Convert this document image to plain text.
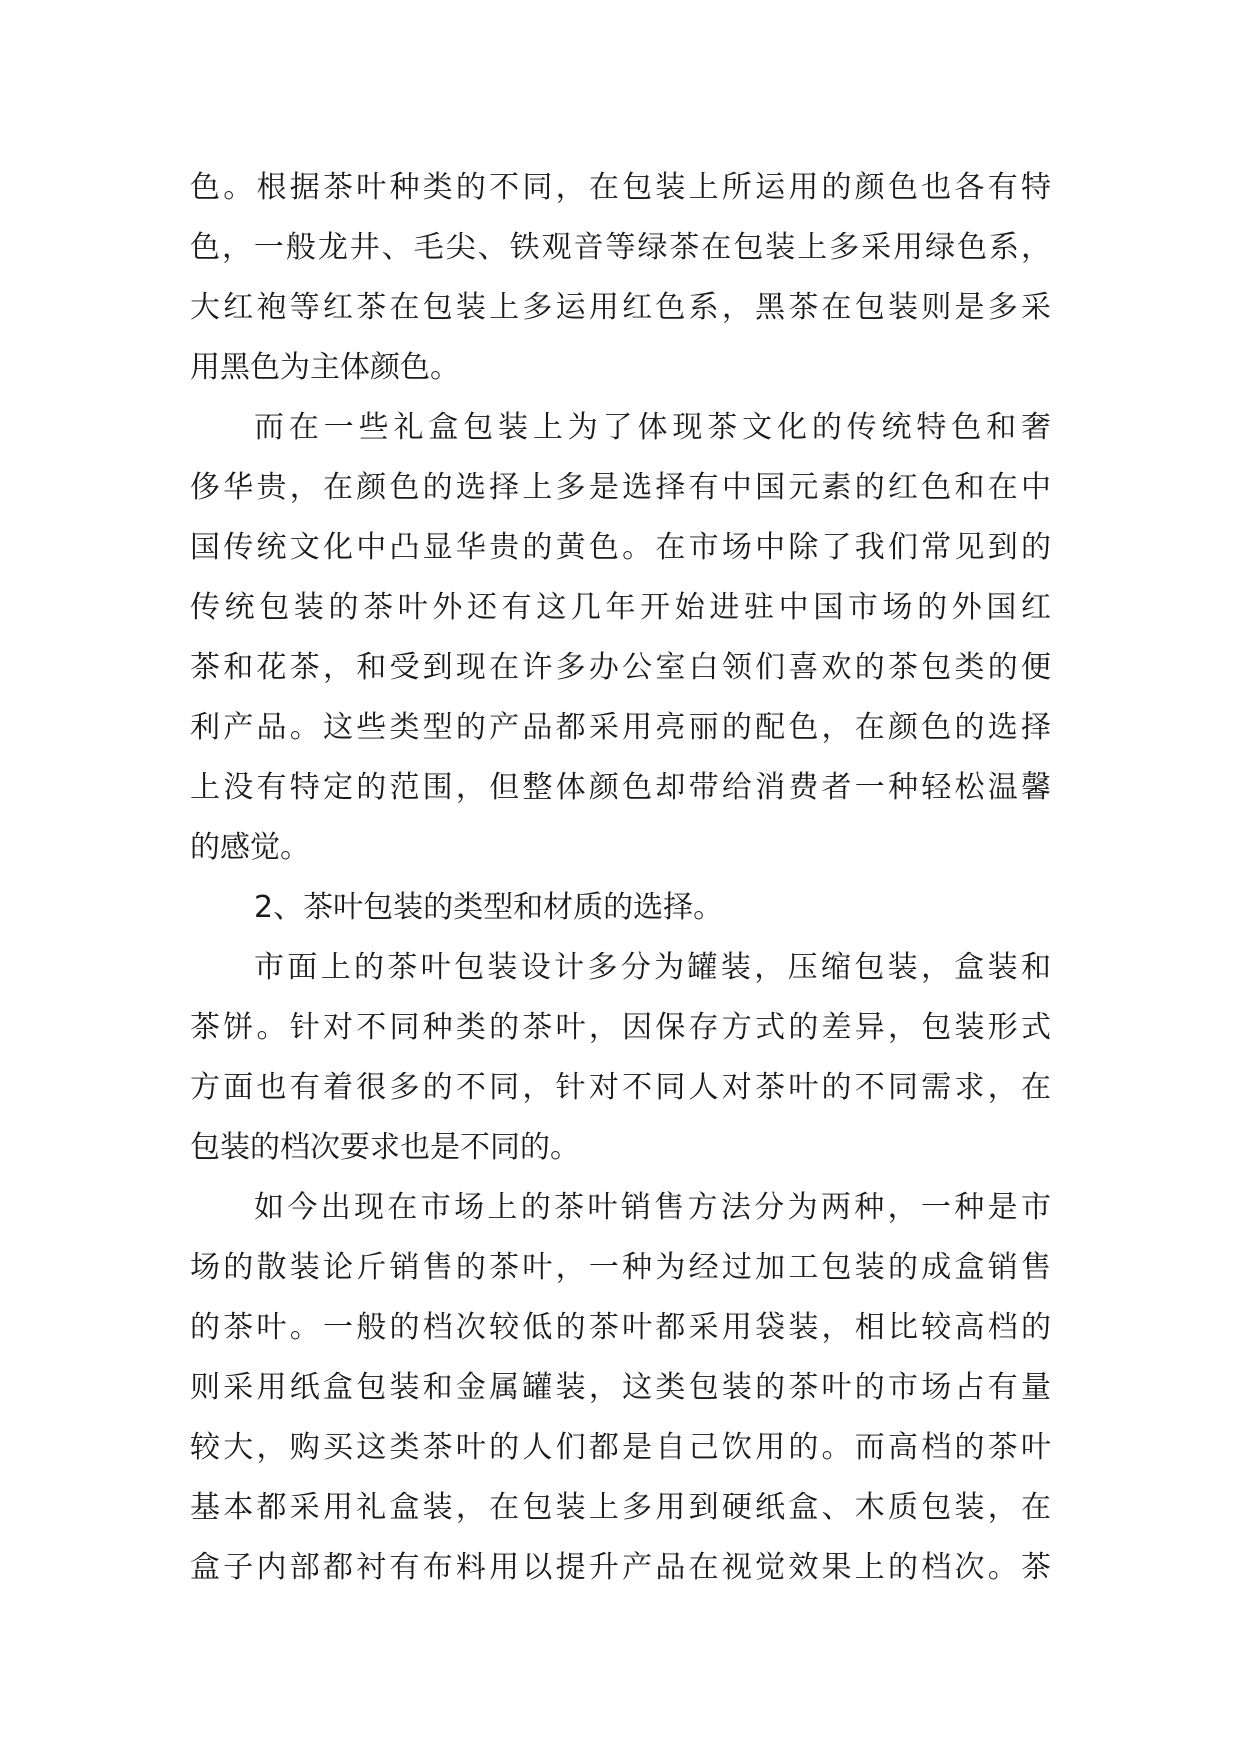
色。根据茶叶种类的不同，在包装上所运用的颜色也各有特
色，一般龙井、毛尖、铁观音等绿茶在包装上多采用绿色系，
大红袍等红茶在包装上多运用红色系，黑茶在包装则是多采
用黑色为主体颜色。
而在一些礼盒包装上为了体现茶文化的传统特色和奢
侈华贵，在颜色的选择上多是选择有中国元素的红色和在中
国传统文化中凸显华贵的黄色。在市场中除了我们常见到的
传统包装的茶叶外还有这几年开始进驻中国市场的外国红
茶和花茶，和受到现在许多办公室白领们喜欢的茶包类的便
利产品。这些类型的产品都采用亮丽的配色，在颜色的选择
上没有特定的范围，但整体颜色却带给消费者一种轻松温馨
的感觉。
2、茶叶包装的类型和材质的选择。
市面上的茶叶包装设计多分为罐装，压缩包装，盒装和
茶饼。针对不同种类的茶叶，因保存方式的差异，包装形式
方面也有着很多的不同，针对不同人对茶叶的不同需求，在
包装的档次要求也是不同的。
如今出现在市场上的茶叶销售方法分为两种，一种是市
场的散装论斤销售的茶叶，一种为经过加工包装的成盒销售
的茶叶。一般的档次较低的茶叶都采用袋装，相比较高档的
则采用纸盒包装和金属罐装，这类包装的茶叶的市场占有量
较大，购买这类茶叶的人们都是自己饮用的。而高档的茶叶
基本都采用礼盒装，在包装上多用到硬纸盒、木质包装，在
盒子内部都衬有布料用以提升产品在视觉效果上的档次。茶
